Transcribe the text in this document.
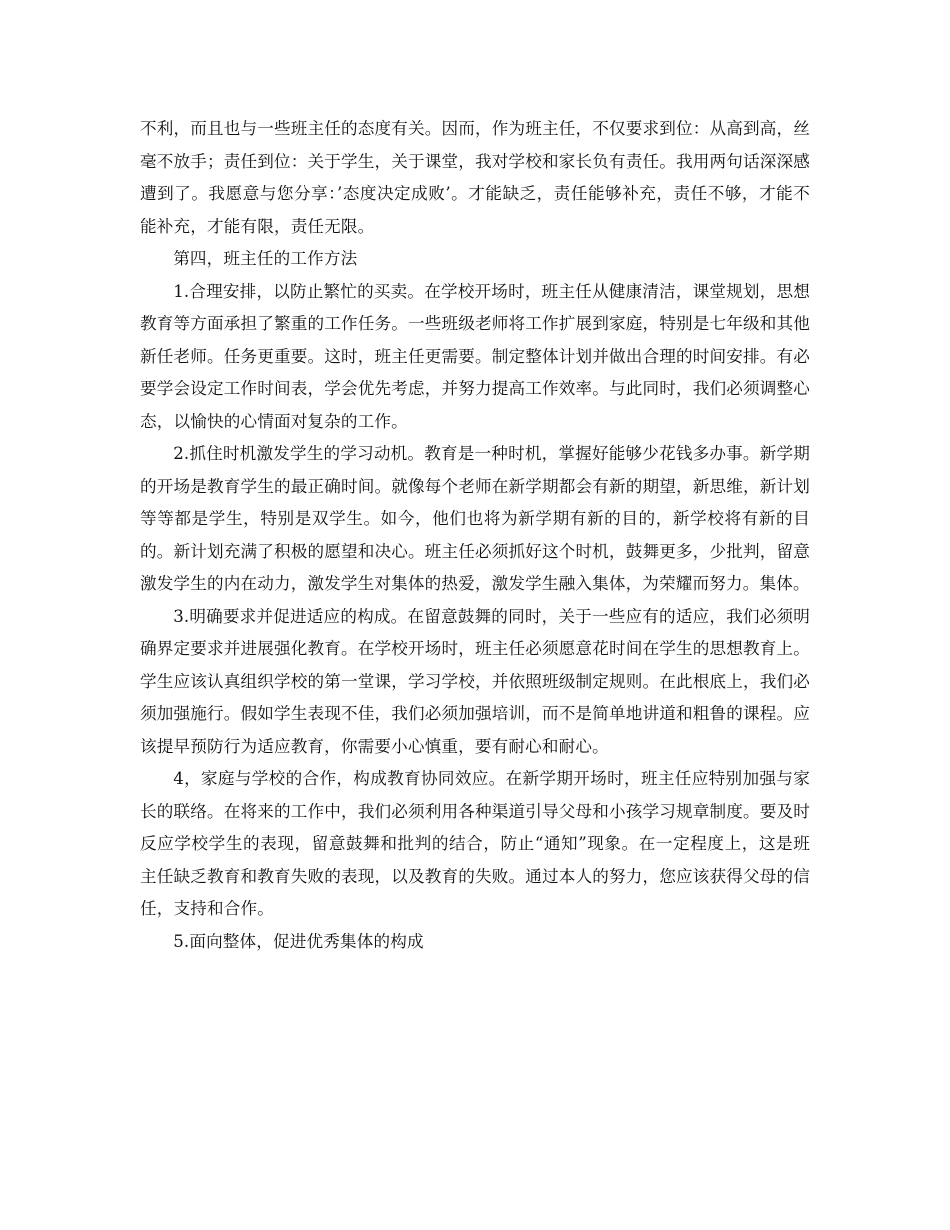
不利，而且也与一些班主任的态度有关。因而，作为班主任，不仅要求到位：从高到高，丝毫不放手；责任到位：关于学生，关于课堂，我对学校和家长负有责任。我用两句话深深感遭到了。我愿意与您分享：’态度决定成败’。才能缺乏，责任能够补充，责任不够，才能不能补充，才能有限，责任无限。

第四，班主任的工作方法

1.合理安排，以防止繁忙的买卖。在学校开场时，班主任从健康清洁，课堂规划，思想教育等方面承担了繁重的工作任务。一些班级老师将工作扩展到家庭，特别是七年级和其他新任老师。任务更重要。这时，班主任更需要。制定整体计划并做出合理的时间安排。有必要学会设定工作时间表，学会优先考虑，并努力提高工作效率。与此同时，我们必须调整心态，以愉快的心情面对复杂的工作。

2.抓住时机激发学生的学习动机。教育是一种时机，掌握好能够少花钱多办事。新学期的开场是教育学生的最正确时间。就像每个老师在新学期都会有新的期望，新思维，新计划等等都是学生，特别是双学生。如今，他们也将为新学期有新的目的，新学校将有新的目的。新计划充满了积极的愿望和决心。班主任必须抓好这个时机，鼓舞更多，少批判，留意激发学生的内在动力，激发学生对集体的热爱，激发学生融入集体，为荣耀而努力。集体。

3.明确要求并促进适应的构成。在留意鼓舞的同时，关于一些应有的适应，我们必须明确界定要求并进展强化教育。在学校开场时，班主任必须愿意花时间在学生的思想教育上。学生应该认真组织学校的第一堂课，学习学校，并依照班级制定规则。在此根底上，我们必须加强施行。假如学生表现不佳，我们必须加强培训，而不是简单地讲道和粗鲁的课程。应该提早预防行为适应教育，你需要小心慎重，要有耐心和耐心。

4，家庭与学校的合作，构成教育协同效应。在新学期开场时，班主任应特别加强与家长的联络。在将来的工作中，我们必须利用各种渠道引导父母和小孩学习规章制度。要及时反应学校学生的表现，留意鼓舞和批判的结合，防止“通知”现象。在一定程度上，这是班主任缺乏教育和教育失败的表现，以及教育的失败。通过本人的努力，您应该获得父母的信任，支持和合作。

5.面向整体，促进优秀集体的构成
